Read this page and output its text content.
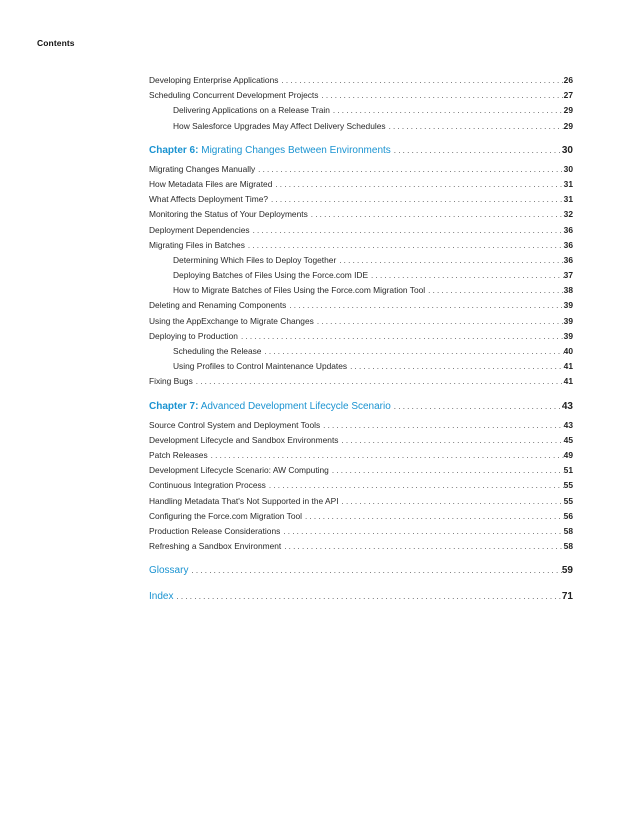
Contents
Developing Enterprise Applications . . .	26
Scheduling Concurrent Development Projects . . .	27
Delivering Applications on a Release Train . . .	29
How Salesforce Upgrades May Affect Delivery Schedules . . .	29
Chapter 6: Migrating Changes Between Environments . . .	30
Migrating Changes Manually . . .	30
How Metadata Files are Migrated . . .	31
What Affects Deployment Time? . . .	31
Monitoring the Status of Your Deployments . . .	32
Deployment Dependencies . . .	36
Migrating Files in Batches . . .	36
Determining Which Files to Deploy Together . . .	36
Deploying Batches of Files Using the Force.com IDE . . .	37
How to Migrate Batches of Files Using the Force.com Migration Tool . . .	38
Deleting and Renaming Components . . .	39
Using the AppExchange to Migrate Changes . . .	39
Deploying to Production . . .	39
Scheduling the Release . . .	40
Using Profiles to Control Maintenance Updates . . .	41
Fixing Bugs . . .	41
Chapter 7: Advanced Development Lifecycle Scenario . . .	43
Source Control System and Deployment Tools . . .	43
Development Lifecycle and Sandbox Environments . . .	45
Patch Releases . . .	49
Development Lifecycle Scenario: AW Computing . . .	51
Continuous Integration Process . . .	55
Handling Metadata That's Not Supported in the API . . .	55
Configuring the Force.com Migration Tool . . .	56
Production Release Considerations . . .	58
Refreshing a Sandbox Environment . . .	58
Glossary . . .	59
Index . . .	71
